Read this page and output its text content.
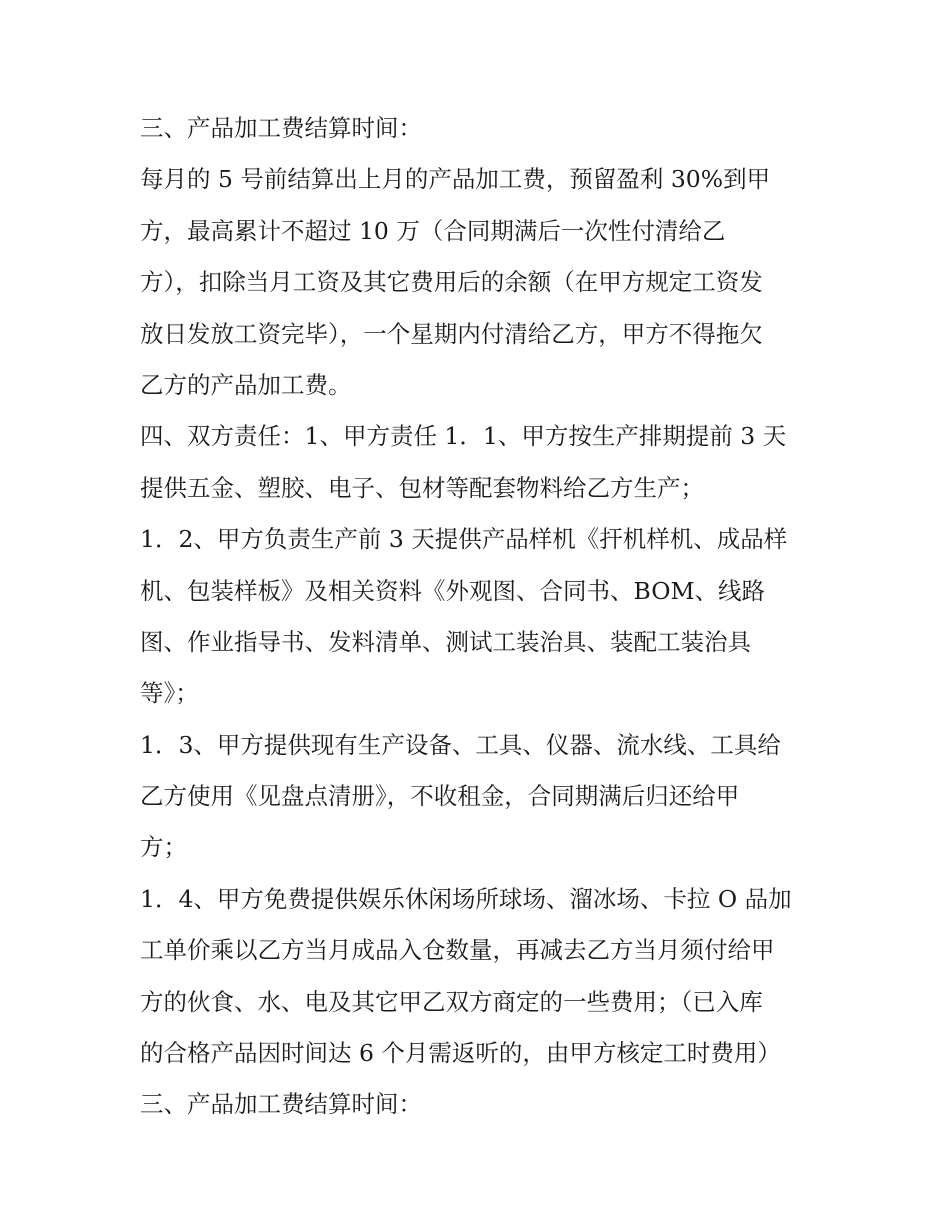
三、产品加工费结算时间：
每月的 5 号前结算出上月的产品加工费，预留盈利 30%到甲
方，最高累计不超过 10 万（合同期满后一次性付清给乙
方），扣除当月工资及其它费用后的余额（在甲方规定工资发
放日发放工资完毕），一个星期内付清给乙方，甲方不得拖欠
乙方的产品加工费。
四、双方责任：1、甲方责任 1．1、甲方按生产排期提前 3 天
提供五金、塑胶、电子、包材等配套物料给乙方生产；
1．2、甲方负责生产前 3 天提供产品样机《扞机样机、成品样
机、包装样板》及相关资料《外观图、合同书、BOM、线路
图、作业指导书、发料清单、测试工装治具、装配工装治具
等》；
1．3、甲方提供现有生产设备、工具、仪器、流水线、工具给
乙方使用《见盘点清册》，不收租金，合同期满后归还给甲
方；
1．4、甲方免费提供娱乐休闲场所球场、溜冰场、卡拉 O 品加
工单价乘以乙方当月成品入仓数量，再减去乙方当月须付给甲
方的伙食、水、电及其它甲乙双方商定的一些费用；（已入库
的合格产品因时间达 6 个月需返听的，由甲方核定工时费用）
三、产品加工费结算时间：
